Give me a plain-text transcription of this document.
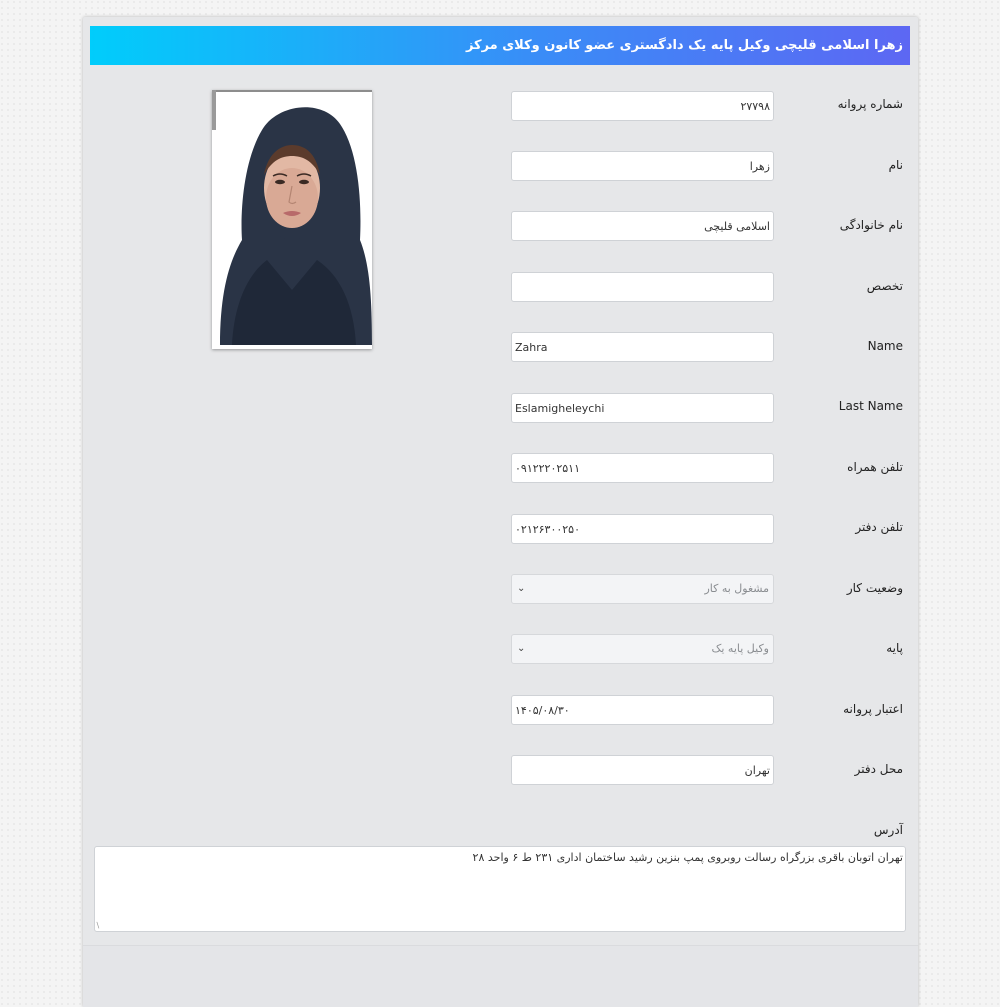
زهرا اسلامی قلیچی وکیل پایه یک دادگستری عضو کانون وکلای مرکز
شماره پروانه
۲۷۷۹۸
نام
زهرا
نام خانوادگی
اسلامی قلیچی
تخصص
Name
Zahra
Last Name
Eslamigheleychi
تلفن همراه
۰۹۱۲۲۲۰۲۵۱۱
تلفن دفتر
۰۲۱۲۶۳۰۰۲۵۰
وضعیت کار
مشغول به کار
⌄
پایه
وکیل پایه یک
⌄
اعتبار پروانه
۱۴۰۵/۰۸/۳۰
محل دفتر
تهران
آدرس
تهران اتوبان باقری بزرگراه رسالت روبروی پمپ بنزین رشید ساختمان اداری ۲۳۱ ط ۶ واحد ۲۸
∖
